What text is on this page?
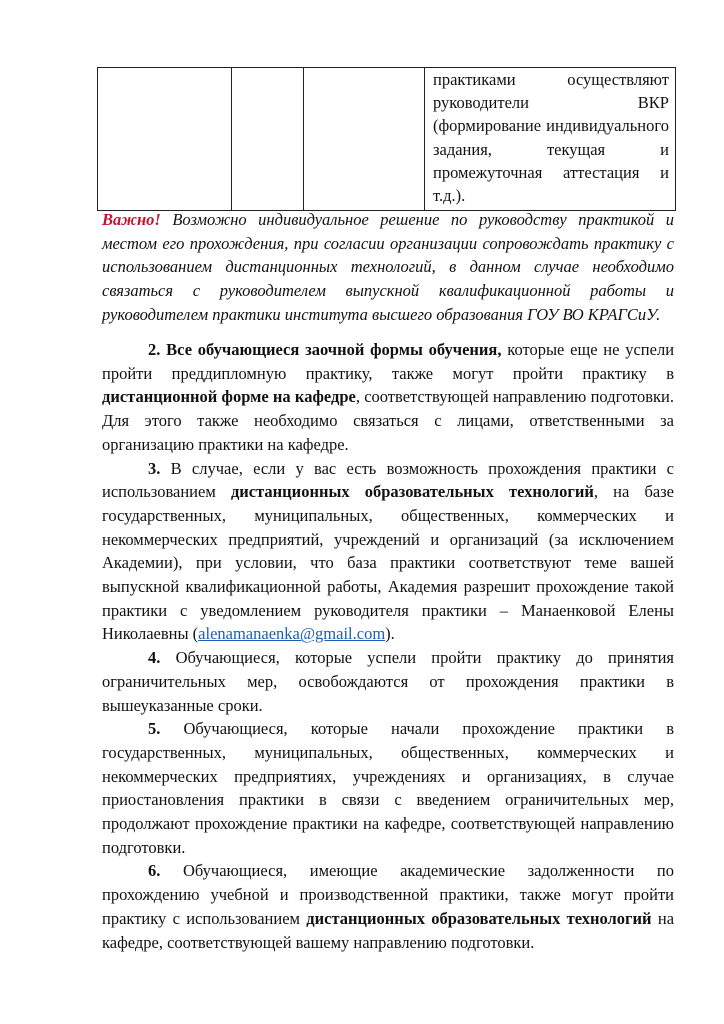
практиками осуществляют руководители ВКР (формирование индивидуального задания, текущая и промежуточная аттестация и т.д.).
Важно! Возможно индивидуальное решение по руководству практикой и местом его прохождения, при согласии организации сопровождать практику с использованием дистанционных технологий, в данном случае необходимо связаться с руководителем выпускной квалификационной работы и руководителем практики института высшего образования ГОУ ВО КРАГСиУ.

2. Все обучающиеся заочной формы обучения, которые еще не успели пройти преддипломную практику, также могут пройти практику в дистанционной форме на кафедре, соответствующей направлению подготовки. Для этого также необходимо связаться с лицами, ответственными за организацию практики на кафедре.

3. В случае, если у вас есть возможность прохождения практики с использованием дистанционных образовательных технологий, на базе государственных, муниципальных, общественных, коммерческих и некоммерческих предприятий, учреждений и организаций (за исключением Академии), при условии, что база практики соответствуют теме вашей выпускной квалификационной работы, Академия разрешит прохождение такой практики с уведомлением руководителя практики – Манаенковой Елены Николаевны (alenamanaenka@gmail.com).

4. Обучающиеся, которые успели пройти практику до принятия ограничительных мер, освобождаются от прохождения практики в вышеуказанные сроки.

5. Обучающиеся, которые начали прохождение практики в государственных, муниципальных, общественных, коммерческих и некоммерческих предприятиях, учреждениях и организациях, в случае приостановления практики в связи с введением ограничительных мер, продолжают прохождение практики на кафедре, соответствующей направлению подготовки.

6. Обучающиеся, имеющие академические задолженности по прохождению учебной и производственной практики, также могут пройти практику с использованием дистанционных образовательных технологий на кафедре, соответствующей вашему направлению подготовки.
